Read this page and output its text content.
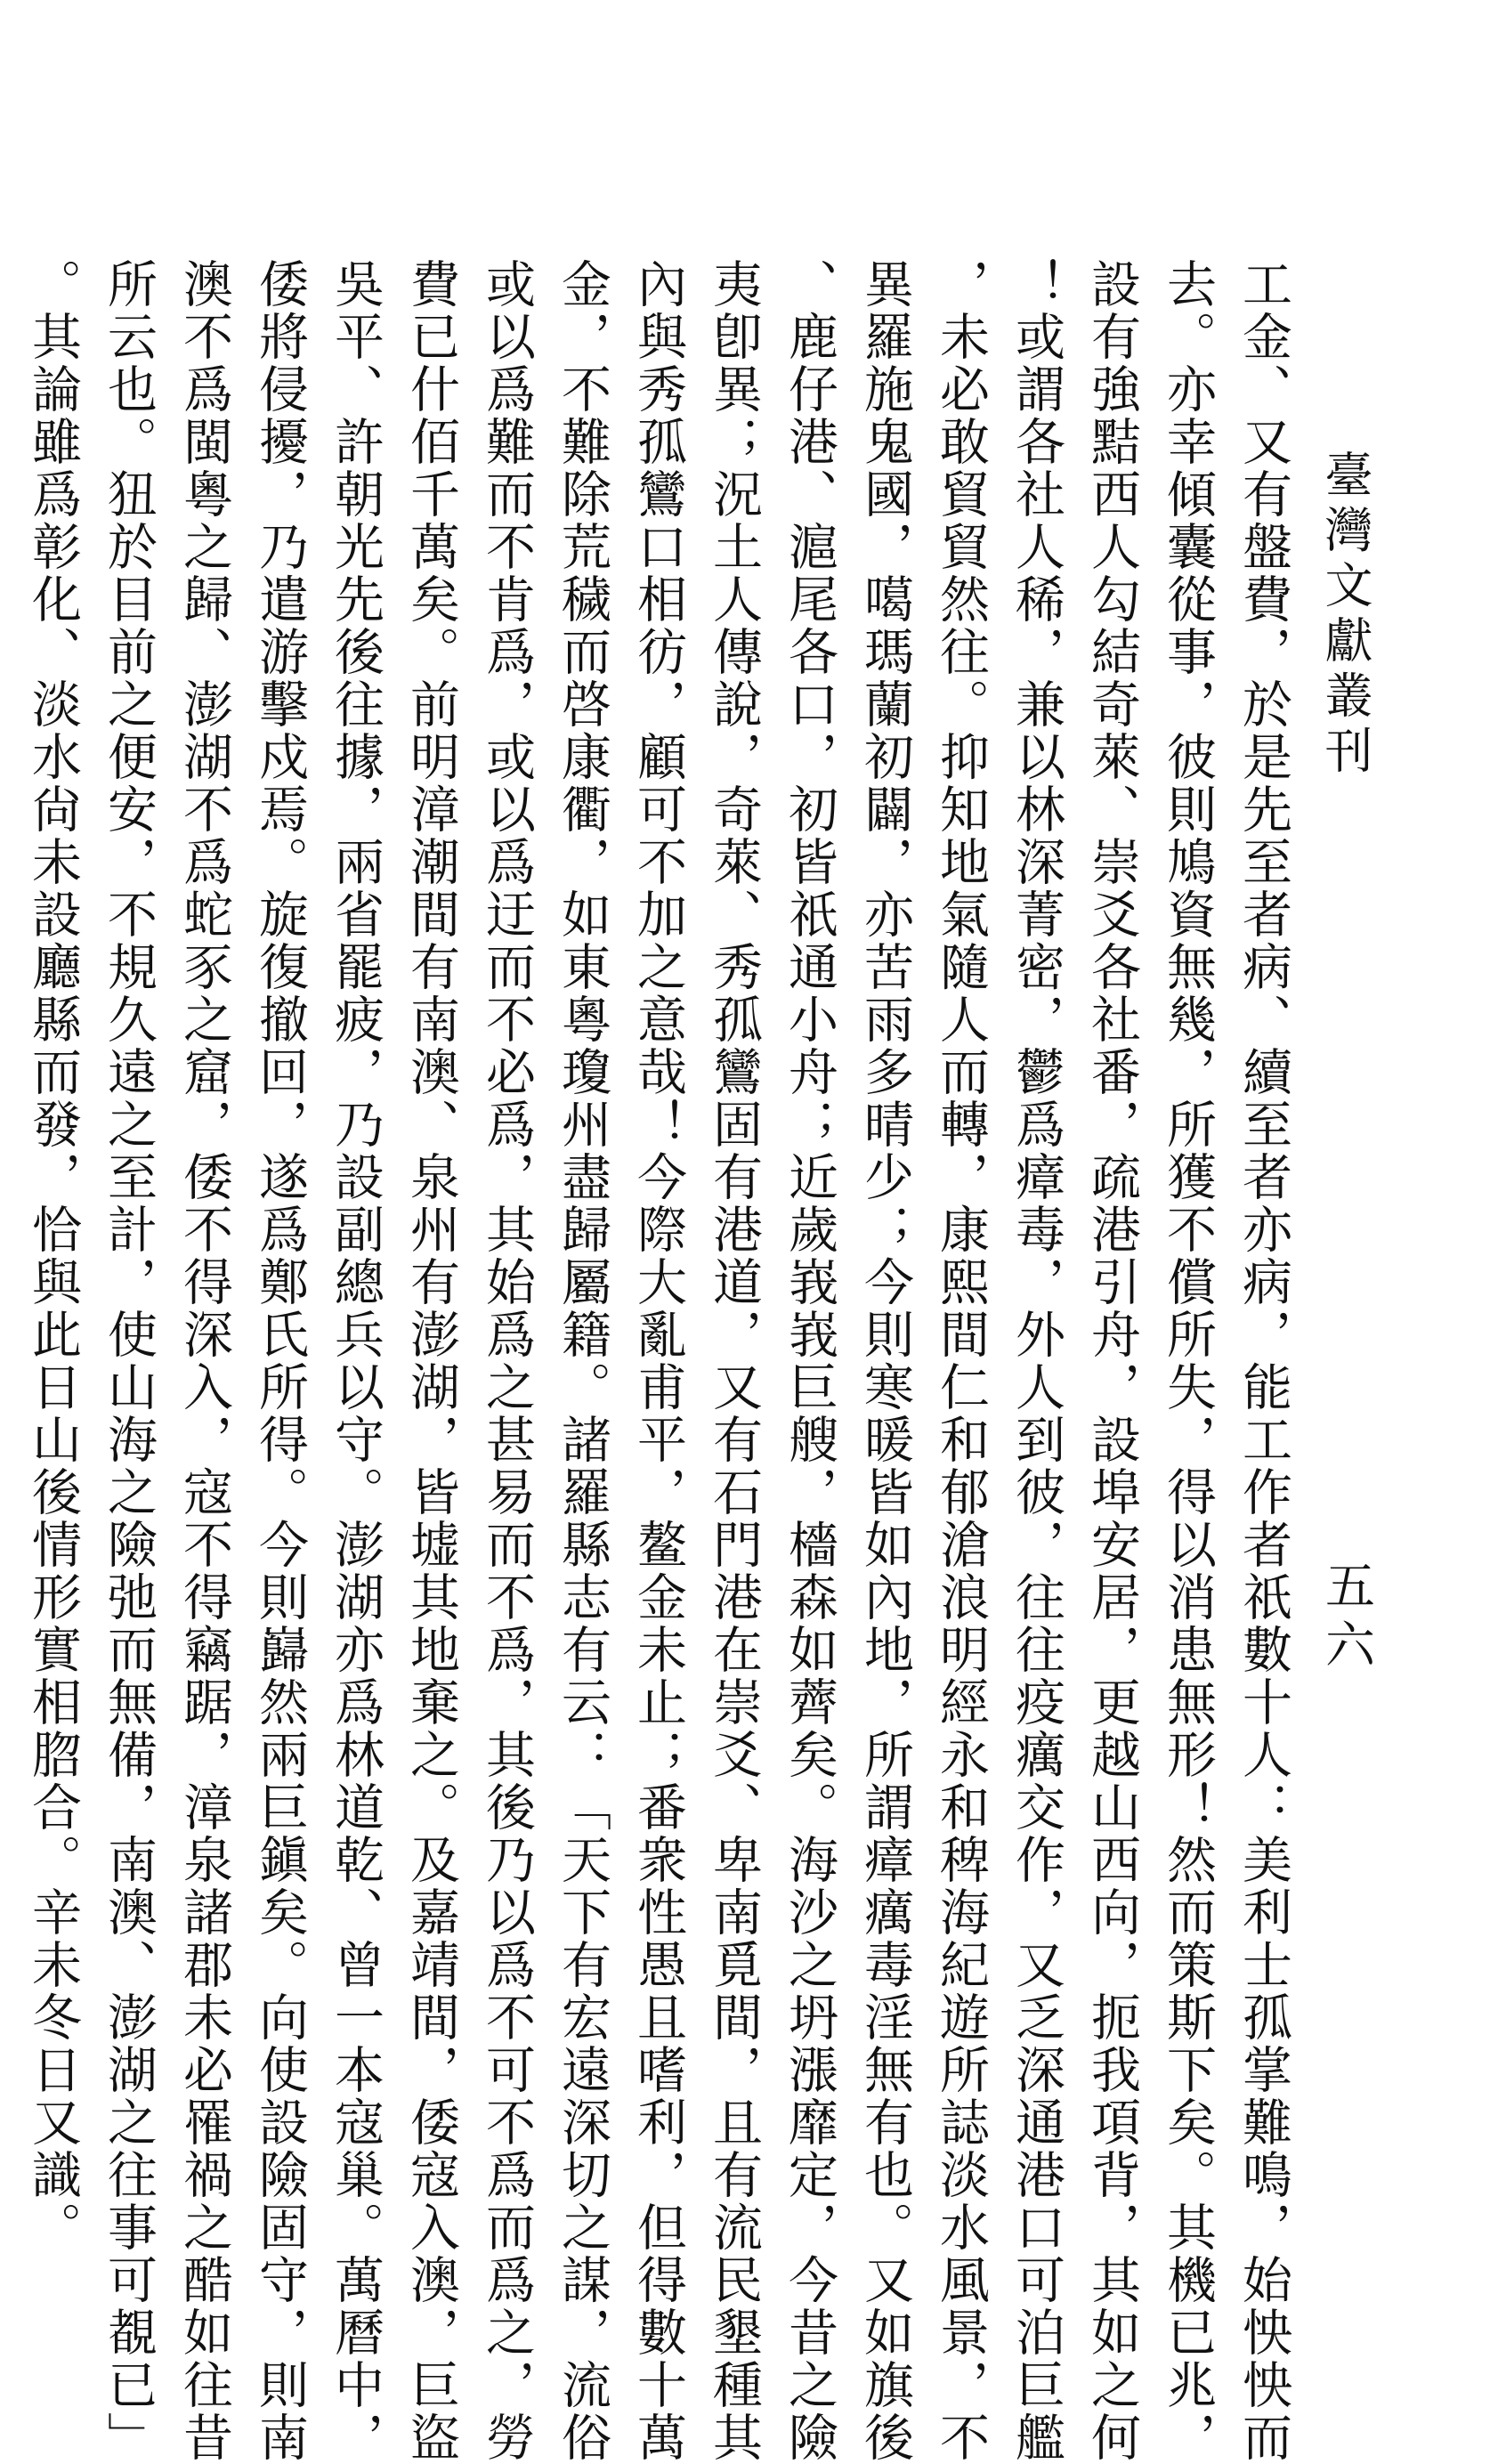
臺灣文獻叢刊
五六
工金、又有盤費，於是先至者病、續至者亦病，能工作者祇數十人：美利士孤掌難鳴，始怏怏而
去。亦幸傾囊從事，彼則鳩資無幾，所獲不償所失，得以消患無形！然而策斯下矣。其機已兆，
設有強黠西人勾結奇萊、崇爻各社番，疏港引舟，設埠安居，更越山西向，扼我項背，其如之何
！或謂各社人稀，兼以林深菁密，鬱爲瘴毒，外人到彼，往往疫癘交作，又乏深通港口可泊巨艦
，未必敢貿貿然往。抑知地氣隨人而轉，康熙間仁和郁滄浪明經永和稗海紀遊所誌淡水風景，不
異羅施鬼國，噶瑪蘭初闢，亦苦雨多晴少；今則寒暖皆如內地，所謂瘴癘毒淫無有也。又如旗後
、鹿仔港、滬尾各口，初皆祇通小舟；近歲峩峩巨艘，檣森如薺矣。海沙之坍漲靡定，今昔之險
夷卽異；況土人傳說，奇萊、秀孤鸞固有港道，又有石門港在崇爻、卑南覓間，且有流民墾種其
內與秀孤鸞口相彷，顧可不加之意哉！今際大亂甫平，鳌金未止；番衆性愚且嗜利，但得數十萬
金，不難除荒穢而啓康衢，如東粵瓊州盡歸屬籍。諸羅縣志有云：「天下有宏遠深切之謀，流俗
或以爲難而不肯爲，或以爲迂而不必爲，其始爲之甚易而不爲，其後乃以爲不可不爲而爲之，勞
費已什佰千萬矣。前明漳潮間有南澳、泉州有澎湖，皆墟其地棄之。及嘉靖間，倭寇入澳，巨盜
吳平、許朝光先後往據，兩省罷疲，乃設副總兵以守。澎湖亦爲林道乾、曾一本寇巢。萬曆中，
倭將侵擾，乃遣游擊戍焉。旋復撤回，遂爲鄭氏所得。今則巋然兩巨鎭矣。向使設險固守，則南
澳不爲閩粵之歸、澎湖不爲蛇豕之窟，倭不得深入，寇不得竊踞，漳泉諸郡未必罹禍之酷如往昔
所云也。狃於目前之便安，不規久遠之至計，使山海之險弛而無備，南澳、澎湖之往事可覩已」
。其論雖爲彰化、淡水尙未設廳縣而發，恰與此日山後情形實相脗合。辛未冬日又識。
